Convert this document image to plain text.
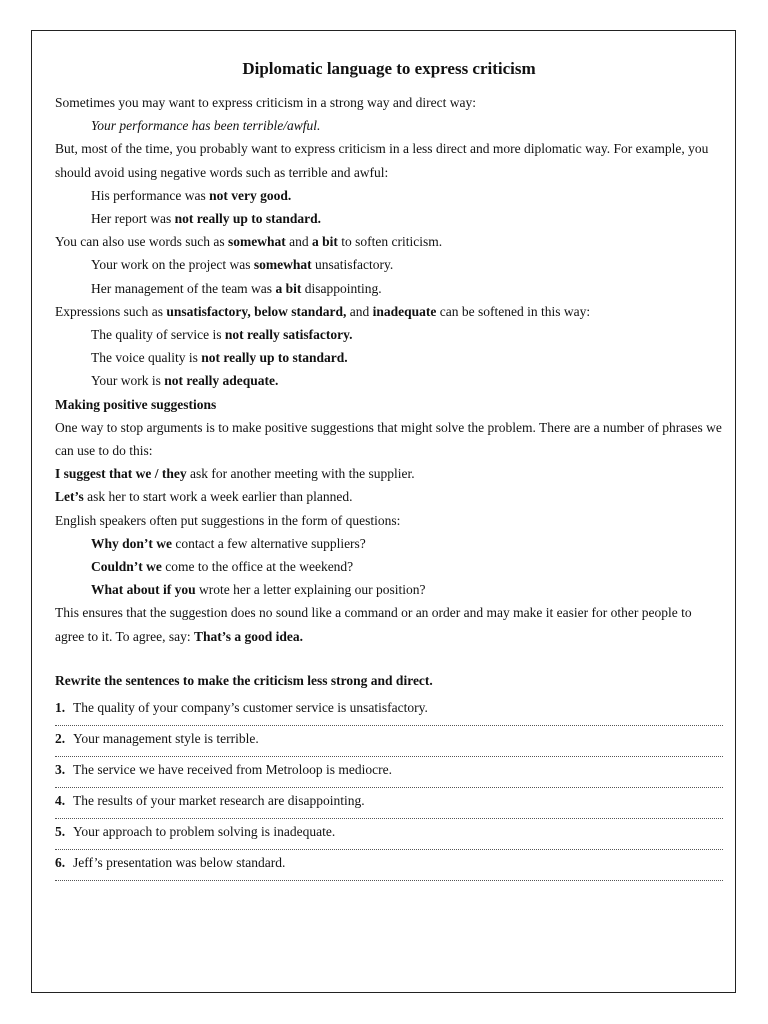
Diplomatic language to express criticism

Sometimes you may want to express criticism in a strong way and direct way:

Your performance has been terrible/awful.

But, most of the time, you probably want to express criticism in a less direct and more diplomatic way. For example, you should avoid using negative words such as terrible and awful:

His performance was not very good.

Her report was not really up to standard.

You can also use words such as somewhat and a bit to soften criticism.

Your work on the project was somewhat unsatisfactory.

Her management of the team was a bit disappointing.

Expressions such as unsatisfactory, below standard, and inadequate can be softened in this way:

The quality of service is not really satisfactory.

The voice quality is not really up to standard.

Your work is not really adequate.

Making positive suggestions

One way to stop arguments is to make positive suggestions that might solve the problem. There are a number of phrases we can use to do this:

I suggest that we / they ask for another meeting with the supplier.

Let’s ask her to start work a week earlier than planned.

English speakers often put suggestions in the form of questions:

Why don’t we contact a few alternative suppliers?

Couldn’t we come to the office at the weekend?

What about if you wrote her a letter explaining our position?

This ensures that the suggestion does no sound like a command or an order and may make it easier for other people to agree to it. To agree, say: That’s a good idea.

Rewrite the sentences to make the criticism less strong and direct.

1. The quality of your company’s customer service is unsatisfactory.

2. Your management style is terrible.

3. The service we have received from Metroloop is mediocre.

4. The results of your market research are disappointing.

5. Your approach to problem solving is inadequate.

6. Jeff’s presentation was below standard.
